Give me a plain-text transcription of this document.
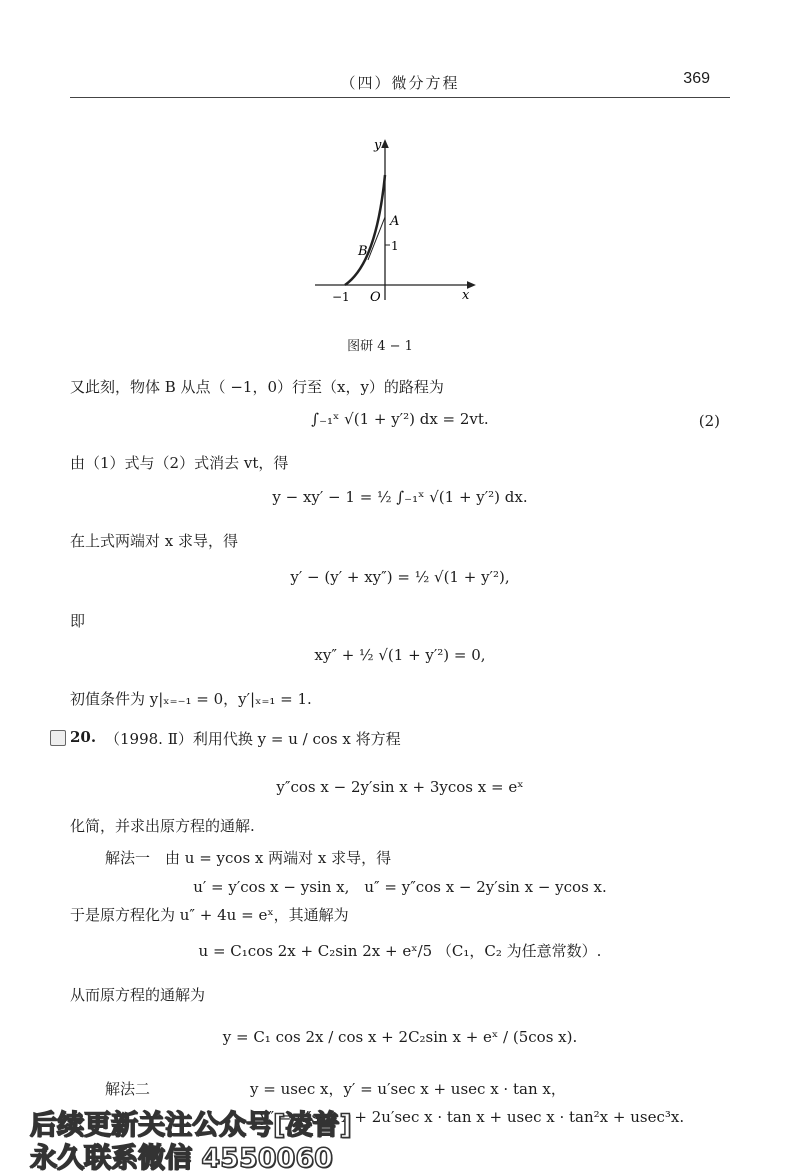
（四）微分方程	369
y
x
A
B 1
−1 O
图研 4 − 1
又此刻，物体 B 从点（ −1，0）行至（x，y）的路程为
∫₋₁ˣ √(1 + y′²) dx = 2vt.	(2)
由（1）式与（2）式消去 vt，得
y − xy′ − 1 = ½ ∫₋₁ˣ √(1 + y′²) dx.
在上式两端对 x 求导，得
y′ − (y′ + xy″) = ½ √(1 + y′²),
即
xy″ + ½ √(1 + y′²) = 0,
初值条件为 y|ₓ₌₋₁ = 0，y′|ₓ₌₁ = 1.
20. （1998. Ⅱ）利用代换 y = u / cos x 将方程
y″cos x − 2y′sin x + 3ycos x = eˣ
化简，并求出原方程的通解.
解法一　由 u = ycos x 两端对 x 求导，得
u′ = y′cos x − ysin x,　u″ = y″cos x − 2y′sin x − ycos x.
于是原方程化为 u″ + 4u = eˣ，其通解为
u = C₁cos 2x + C₂sin 2x + eˣ/5 （C₁，C₂ 为任意常数）.
从而原方程的通解为
y = C₁ cos 2x / cos x + 2C₂sin x + eˣ / (5cos x).
解法二	y = usec x，y′ = u′sec x + usec x · tan x，
y″ = u″sec x + 2u′sec x · tan x + usec x · tan²x + usec³x.
后续更新关注公众号[凌普]
永久联系微信 4550060
